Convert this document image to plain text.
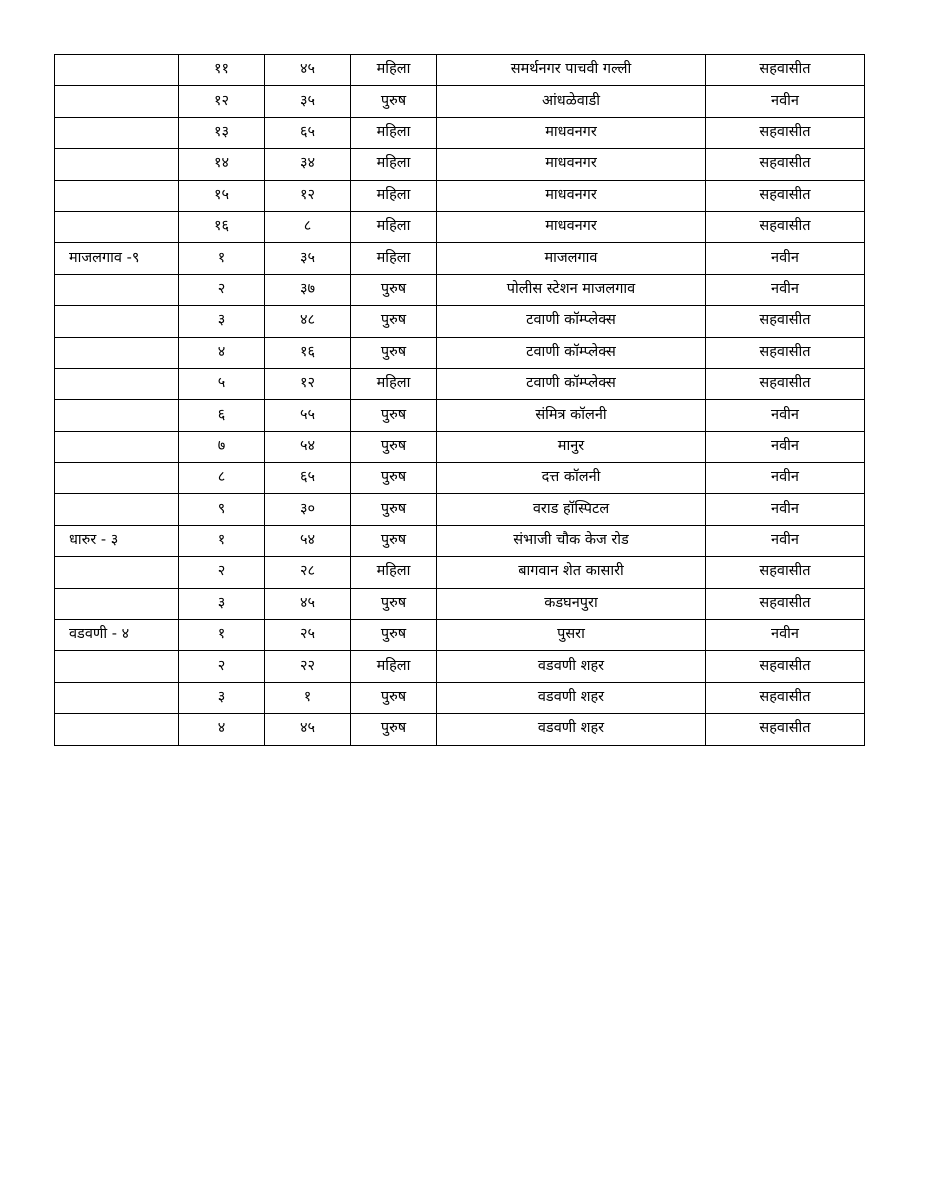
	११	४५	महिला	समर्थनगर पाचवी गल्ली	सहवासीत
	१२	३५	पुरुष	आंधळेवाडी	नवीन
	१३	६५	महिला	माधवनगर	सहवासीत
	१४	३४	महिला	माधवनगर	सहवासीत
	१५	१२	महिला	माधवनगर	सहवासीत
	१६	८	महिला	माधवनगर	सहवासीत
माजलगाव -९	१	३५	महिला	माजलगाव	नवीन
	२	३७	पुरुष	पोलीस स्टेशन माजलगाव	नवीन
	३	४८	पुरुष	टवाणी कॉम्प्लेक्स	सहवासीत
	४	१६	पुरुष	टवाणी कॉम्प्लेक्स	सहवासीत
	५	१२	महिला	टवाणी कॉम्प्लेक्स	सहवासीत
	६	५५	पुरुष	संमित्र कॉलनी	नवीन
	७	५४	पुरुष	मानुर	नवीन
	८	६५	पुरुष	दत्त कॉलनी	नवीन
	९	३०	पुरुष	वराड हॉस्पिटल	नवीन
धारुर - ३	१	५४	पुरुष	संभाजी चौक केज रोड	नवीन
	२	२८	महिला	बागवान शेत कासारी	सहवासीत
	३	४५	पुरुष	कडघनपुरा	सहवासीत
वडवणी - ४	१	२५	पुरुष	पुसरा	नवीन
	२	२२	महिला	वडवणी शहर	सहवासीत
	३	१	पुरुष	वडवणी शहर	सहवासीत
	४	४५	पुरुष	वडवणी शहर	सहवासीत
